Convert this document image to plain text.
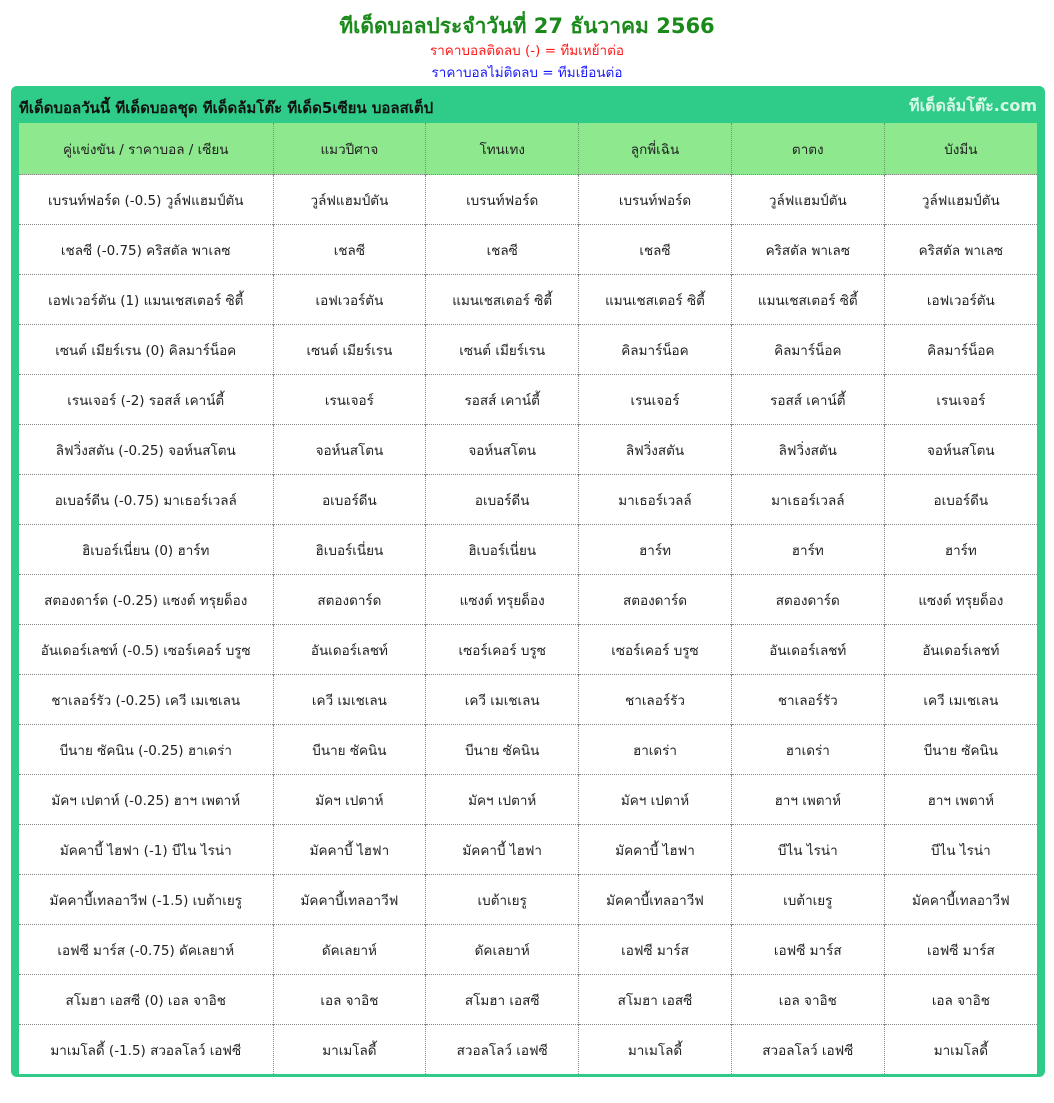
ทีเด็ดบอลประจำวันที่ 27 ธันวาคม 2566
ราคาบอลติดลบ (-) = ทีมเหย้าต่อ
ราคาบอลไม่ติดลบ = ทีมเยือนต่อ
ทีเด็ดบอลวันนี้ ทีเด็ดบอลชุด ทีเด็ดล้มโต๊ะ ทีเด็ด5เซียน บอลสเต็ป	ทีเด็ดล้มโต๊ะ.com
คู่แข่งขัน / ราคาบอล / เซียน	แมวปีศาจ	โทนเทง	ลูกพี่เฉิน	ตาตง	บังมีน
เบรนท์ฟอร์ด (-0.5) วูล์ฟแฮมป์ตัน	วูล์ฟแฮมป์ตัน	เบรนท์ฟอร์ด	เบรนท์ฟอร์ด	วูล์ฟแฮมป์ตัน	วูล์ฟแฮมป์ตัน
เชลซี (-0.75) คริสตัล พาเลซ	เชลซี	เชลซี	เชลซี	คริสตัล พาเลซ	คริสตัล พาเลซ
เอฟเวอร์ตัน (1) แมนเชสเตอร์ ซิตี้	เอฟเวอร์ตัน	แมนเชสเตอร์ ซิตี้	แมนเชสเตอร์ ซิตี้	แมนเชสเตอร์ ซิตี้	เอฟเวอร์ตัน
เซนต์ เมียร์เรน (0) คิลมาร์น็อค	เซนต์ เมียร์เรน	เซนต์ เมียร์เรน	คิลมาร์น็อค	คิลมาร์น็อค	คิลมาร์น็อค
เรนเจอร์ (-2) รอสส์ เคาน์ตี้	เรนเจอร์	รอสส์ เคาน์ตี้	เรนเจอร์	รอสส์ เคาน์ตี้	เรนเจอร์
ลิฟวิ่งสตัน (-0.25) จอห์นสโตน	จอห์นสโตน	จอห์นสโตน	ลิฟวิ่งสตัน	ลิฟวิ่งสตัน	จอห์นสโตน
อเบอร์ดีน (-0.75) มาเธอร์เวลล์	อเบอร์ดีน	อเบอร์ดีน	มาเธอร์เวลล์	มาเธอร์เวลล์	อเบอร์ดีน
ฮิเบอร์เนี่ยน (0) ฮาร์ท	ฮิเบอร์เนี่ยน	ฮิเบอร์เนี่ยน	ฮาร์ท	ฮาร์ท	ฮาร์ท
สตองดาร์ด (-0.25) แซงต์ ทรุยด็อง	สตองดาร์ด	แซงต์ ทรุยด็อง	สตองดาร์ด	สตองดาร์ด	แซงต์ ทรุยด็อง
อันเดอร์เลชท์ (-0.5) เซอร์เคอร์ บรูซ	อันเดอร์เลชท์	เซอร์เคอร์ บรูซ	เซอร์เคอร์ บรูซ	อันเดอร์เลชท์	อันเดอร์เลชท์
ชาเลอร์รัว (-0.25) เควี เมเชเลน	เควี เมเชเลน	เควี เมเชเลน	ชาเลอร์รัว	ชาเลอร์รัว	เควี เมเชเลน
บีนาย ซัคนิน (-0.25) ฮาเดร่า	บีนาย ซัคนิน	บีนาย ซัคนิน	ฮาเดร่า	ฮาเดร่า	บีนาย ซัคนิน
มัคฯ เปตาห์ (-0.25) ฮาฯ เพตาห์	มัคฯ เปตาห์	มัคฯ เปตาห์	มัคฯ เปตาห์	ฮาฯ เพตาห์	ฮาฯ เพตาห์
มัคคาบี้ ไฮฟา (-1) บีไน ไรน่า	มัคคาบี้ ไฮฟา	มัคคาบี้ ไฮฟา	มัคคาบี้ ไฮฟา	บีไน ไรน่า	บีไน ไรน่า
มัคคาบี้เทลอาวีฟ (-1.5) เบต้าเยรู	มัคคาบี้เทลอาวีฟ	เบต้าเยรู	มัคคาบี้เทลอาวีฟ	เบต้าเยรู	มัคคาบี้เทลอาวีฟ
เอฟซี มาร์ส (-0.75) ดัคเลยาห์	ดัคเลยาห์	ดัคเลยาห์	เอฟซี มาร์ส	เอฟซี มาร์ส	เอฟซี มาร์ส
สโมฮา เอสซี (0) เอล จาอิช	เอล จาอิช	สโมฮา เอสซี	สโมฮา เอสซี	เอล จาอิช	เอล จาอิช
มาเมโลดี้ (-1.5) สวอลโลว์ เอฟซี	มาเมโลดี้	สวอลโลว์ เอฟซี	มาเมโลดี้	สวอลโลว์ เอฟซี	มาเมโลดี้
